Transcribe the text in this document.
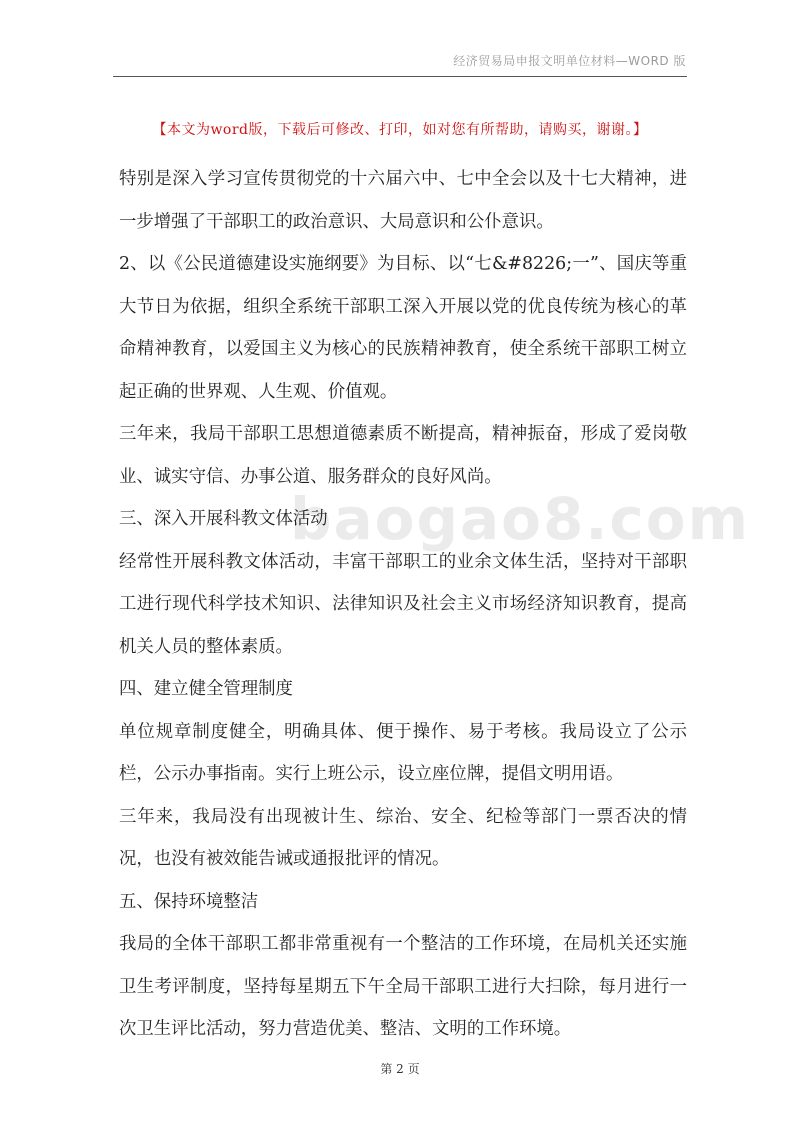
经济贸易局申报文明单位材料—WORD 版
【本文为word版，下载后可修改、打印，如对您有所帮助，请购买，谢谢。】
baogao8.com

特别是深入学习宣传贯彻党的十六届六中、七中全会以及十七大精神，进一步增强了干部职工的政治意识、大局意识和公仆意识。

2、以《公民道德建设实施纲要》为目标、以“七&#8226;一”、国庆等重大节日为依据，组织全系统干部职工深入开展以党的优良传统为核心的革命精神教育，以爱国主义为核心的民族精神教育，使全系统干部职工树立起正确的世界观、人生观、价值观。

三年来，我局干部职工思想道德素质不断提高，精神振奋，形成了爱岗敬业、诚实守信、办事公道、服务群众的良好风尚。

三、深入开展科教文体活动

经常性开展科教文体活动，丰富干部职工的业余文体生活，坚持对干部职工进行现代科学技术知识、法律知识及社会主义市场经济知识教育，提高机关人员的整体素质。

四、建立健全管理制度

单位规章制度健全，明确具体、便于操作、易于考核。我局设立了公示栏，公示办事指南。实行上班公示，设立座位牌，提倡文明用语。

三年来，我局没有出现被计生、综治、安全、纪检等部门一票否决的情况，也没有被效能告诫或通报批评的情况。

五、保持环境整洁

我局的全体干部职工都非常重视有一个整洁的工作环境，在局机关还实施卫生考评制度，坚持每星期五下午全局干部职工进行大扫除，每月进行一次卫生评比活动，努力营造优美、整洁、文明的工作环境。

第 2 页
